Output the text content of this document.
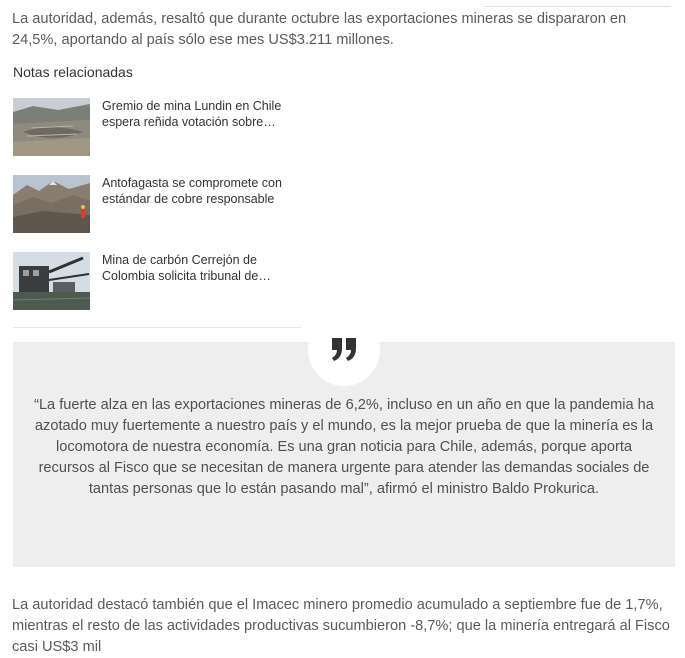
La autoridad, además, resaltó que durante octubre las exportaciones mineras se dispararon en 24,5%, aportando al país sólo ese mes US$3.211 millones.

Notas relacionadas
Gremio de mina Lundin en Chile espera reñida votación sobre…
Antofagasta se compromete con estándar de cobre responsable
Mina de carbón Cerrejón de Colombia solicita tribunal de…

“La fuerte alza en las exportaciones mineras de 6,2%, incluso en un año en que la pandemia ha azotado muy fuertemente a nuestro país y el mundo, es la mejor prueba de que la minería es la locomotora de nuestra economía. Es una gran noticia para Chile, además, porque aporta recursos al Fisco que se necesitan de manera urgente para atender las demandas sociales de tantas personas que lo están pasando mal”, afirmó el ministro Baldo Prokurica.

La autoridad destacó también que el Imacec minero promedio acumulado a septiembre fue de 1,7%, mientras el resto de las actividades productivas sucumbieron -8,7%; que la minería entregará al Fisco casi US$3 mil
